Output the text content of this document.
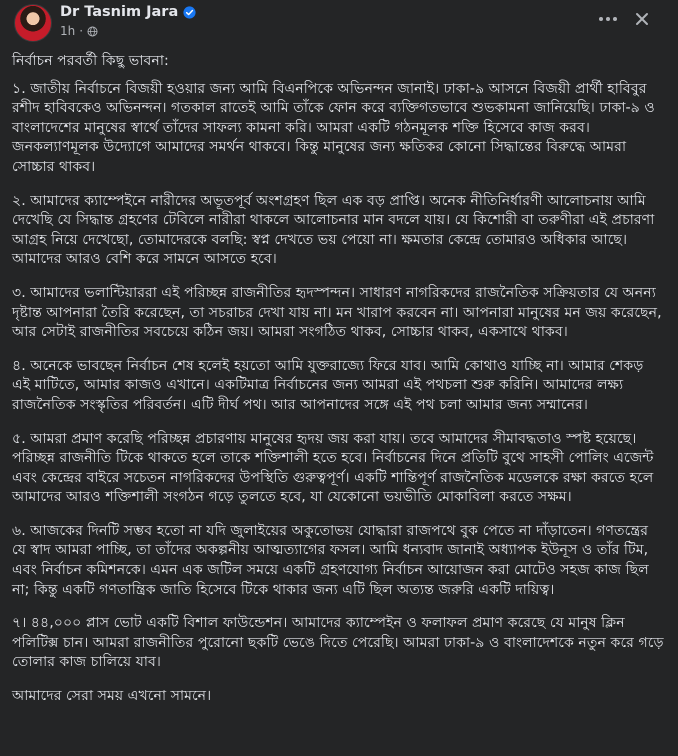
Dr Tasnim Jara
1h ·

নির্বাচন পরবর্তী কিছু ভাবনা:

১. জাতীয় নির্বাচনে বিজয়ী হওয়ার জন্য আমি বিএনপিকে অভিনন্দন জানাই। ঢাকা-৯ আসনে বিজয়ী প্রার্থী হাবিবুর রশীদ হাবিবকেও অভিনন্দন। গতকাল রাতেই আমি তাঁকে ফোন করে ব্যক্তিগতভাবে শুভকামনা জানিয়েছি। ঢাকা-৯ ও বাংলাদেশের মানুষের স্বার্থে তাঁদের সাফল্য কামনা করি। আমরা একটি গঠনমূলক শক্তি হিসেবে কাজ করব। জনকল্যাণমূলক উদ্যোগে আমাদের সমর্থন থাকবে। কিন্তু মানুষের জন্য ক্ষতিকর কোনো সিদ্ধান্তের বিরুদ্ধে আমরা সোচ্চার থাকব।

২. আমাদের ক্যাম্পেইনে নারীদের অভূতপূর্ব অংশগ্রহণ ছিল এক বড় প্রাপ্তি। অনেক নীতিনির্ধারণী আলোচনায় আমি দেখেছি যে সিদ্ধান্ত গ্রহণের টেবিলে নারীরা থাকলে আলোচনার মান বদলে যায়। যে কিশোরী বা তরুণীরা এই প্রচারণা আগ্রহ নিয়ে দেখেছো, তোমাদেরকে বলছি: স্বপ্ন দেখতে ভয় পেয়ো না। ক্ষমতার কেন্দ্রে তোমারও অধিকার আছে। আমাদের আরও বেশি করে সামনে আসতে হবে।

৩. আমাদের ভলান্টিয়াররা এই পরিচ্ছন্ন রাজনীতির হৃদস্পন্দন। সাধারণ নাগরিকদের রাজনৈতিক সক্রিয়তার যে অনন্য দৃষ্টান্ত আপনারা তৈরি করেছেন, তা সচরাচর দেখা যায় না। মন খারাপ করবেন না। আপনারা মানুষের মন জয় করেছেন, আর সেটাই রাজনীতির সবচেয়ে কঠিন জয়। আমরা সংগঠিত থাকব, সোচ্চার থাকব, একসাথে থাকব।

৪. অনেকে ভাবছেন নির্বাচন শেষ হলেই হয়তো আমি যুক্তরাজ্যে ফিরে যাব। আমি কোথাও যাচ্ছি না। আমার শেকড় এই মাটিতে, আমার কাজও এখানে। একটিমাত্র নির্বাচনের জন্য আমরা এই পথচলা শুরু করিনি। আমাদের লক্ষ্য রাজনৈতিক সংস্কৃতির পরিবর্তন। এটি দীর্ঘ পথ। আর আপনাদের সঙ্গে এই পথ চলা আমার জন্য সম্মানের।

৫. আমরা প্রমাণ করেছি পরিচ্ছন্ন প্রচারণায় মানুষের হৃদয় জয় করা যায়। তবে আমাদের সীমাবদ্ধতাও স্পষ্ট হয়েছে। পরিচ্ছন্ন রাজনীতি টিকে থাকতে হলে তাকে শক্তিশালী হতে হবে। নির্বাচনের দিনে প্রতিটি বুথে সাহসী পোলিং এজেন্ট এবং কেন্দ্রের বাইরে সচেতন নাগরিকদের উপস্থিতি গুরুত্বপূর্ণ। একটি শান্তিপূর্ণ রাজনৈতিক মডেলকে রক্ষা করতে হলে আমাদের আরও শক্তিশালী সংগঠন গড়ে তুলতে হবে, যা যেকোনো ভয়ভীতি মোকাবিলা করতে সক্ষম।

৬. আজকের দিনটি সম্ভব হতো না যদি জুলাইয়ের অকুতোভয় যোদ্ধারা রাজপথে বুক পেতে না দাঁড়াতেন। গণতন্ত্রের যে স্বাদ আমরা পাচ্ছি, তা তাঁদের অকল্পনীয় আত্মত্যাগের ফসল। আমি ধন্যবাদ জানাই অধ্যাপক ইউনূস ও তাঁর টিম, এবং নির্বাচন কমিশনকে। এমন এক জটিল সময়ে একটি গ্রহণযোগ্য নির্বাচন আয়োজন করা মোটেও সহজ কাজ ছিল না; কিন্তু একটি গণতান্ত্রিক জাতি হিসেবে টিকে থাকার জন্য এটি ছিল অত্যন্ত জরুরি একটি দায়িত্ব।

৭। ৪৪,০০০ প্লাস ভোট একটি বিশাল ফাউন্ডেশন। আমাদের ক্যাম্পেইন ও ফলাফল প্রমাণ করেছে যে মানুষ ক্লিন পলিটিক্স চান। আমরা রাজনীতির পুরোনো ছকটি ভেঙে দিতে পেরেছি। আমরা ঢাকা-৯ ও বাংলাদেশকে নতুন করে গড়ে তোলার কাজ চালিয়ে যাব।

আমাদের সেরা সময় এখনো সামনে।
